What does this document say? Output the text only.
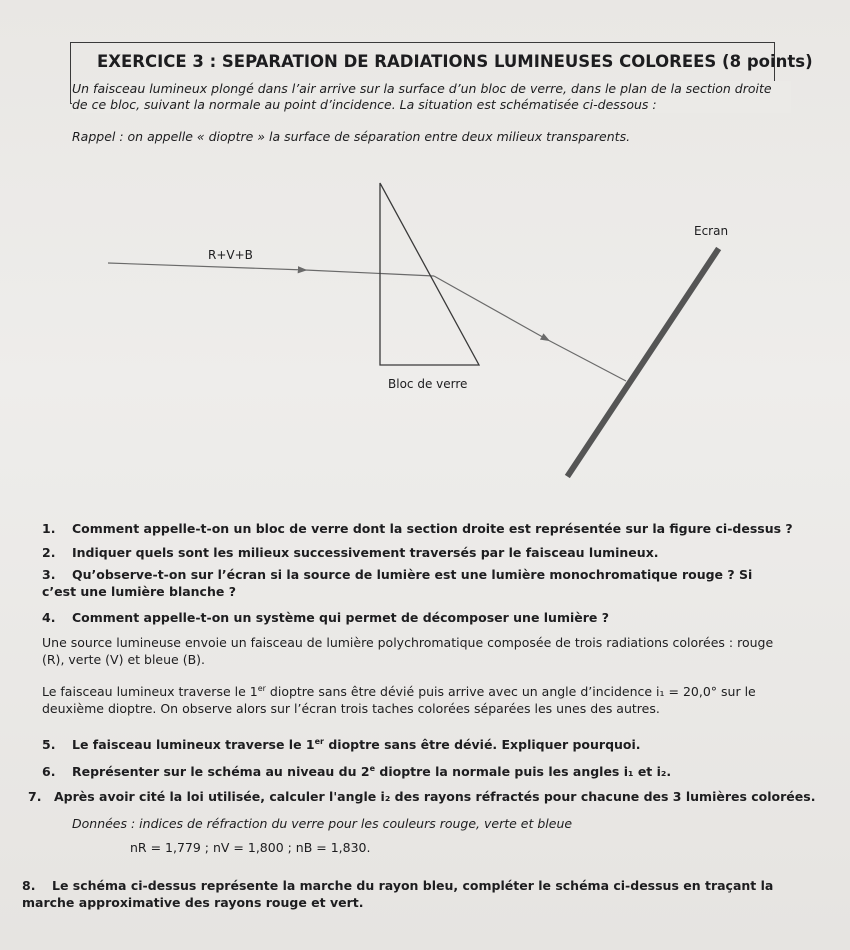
EXERCICE 3 : SEPARATION DE RADIATIONS LUMINEUSES COLOREES (8 points)

Un faisceau lumineux plongé dans l’air arrive sur la surface d’un bloc de verre, dans le plan de la section droite de ce bloc, suivant la normale au point d’incidence. La situation est schématisée ci-dessous :

Rappel : on appelle « dioptre » la surface de séparation entre deux milieux transparents.

R+V+B
Bloc de verre
Ecran
1. Comment appelle-t-on un bloc de verre dont la section droite est représentée sur la figure ci-dessus ?
2. Indiquer quels sont les milieux successivement traversés par le faisceau lumineux.
3. Qu’observe-t-on sur l’écran si la source de lumière est une lumière monochromatique rouge ? Si c’est une lumière blanche ?
4. Comment appelle-t-on un système qui permet de décomposer une lumière ?

Une source lumineuse envoie un faisceau de lumière polychromatique composée de trois radiations colorées : rouge (R), verte (V) et bleue (B).

Le faisceau lumineux traverse le 1er dioptre sans être dévié puis arrive avec un angle d’incidence i₁ = 20,0° sur le deuxième dioptre. On observe alors sur l’écran trois taches colorées séparées les unes des autres.

5. Le faisceau lumineux traverse le 1er dioptre sans être dévié. Expliquer pourquoi.
6. Représenter sur le schéma au niveau du 2e dioptre la normale puis les angles i₁ et i₂.
7. Après avoir cité la loi utilisée, calculer l'angle i₂ des rayons réfractés pour chacune des 3 lumières colorées.
Données : indices de réfraction du verre pour les couleurs rouge, verte et bleue
nR = 1,779 ; nV = 1,800 ; nB = 1,830.
8. Le schéma ci-dessus représente la marche du rayon bleu, compléter le schéma ci-dessus en traçant la marche approximative des rayons rouge et vert.
